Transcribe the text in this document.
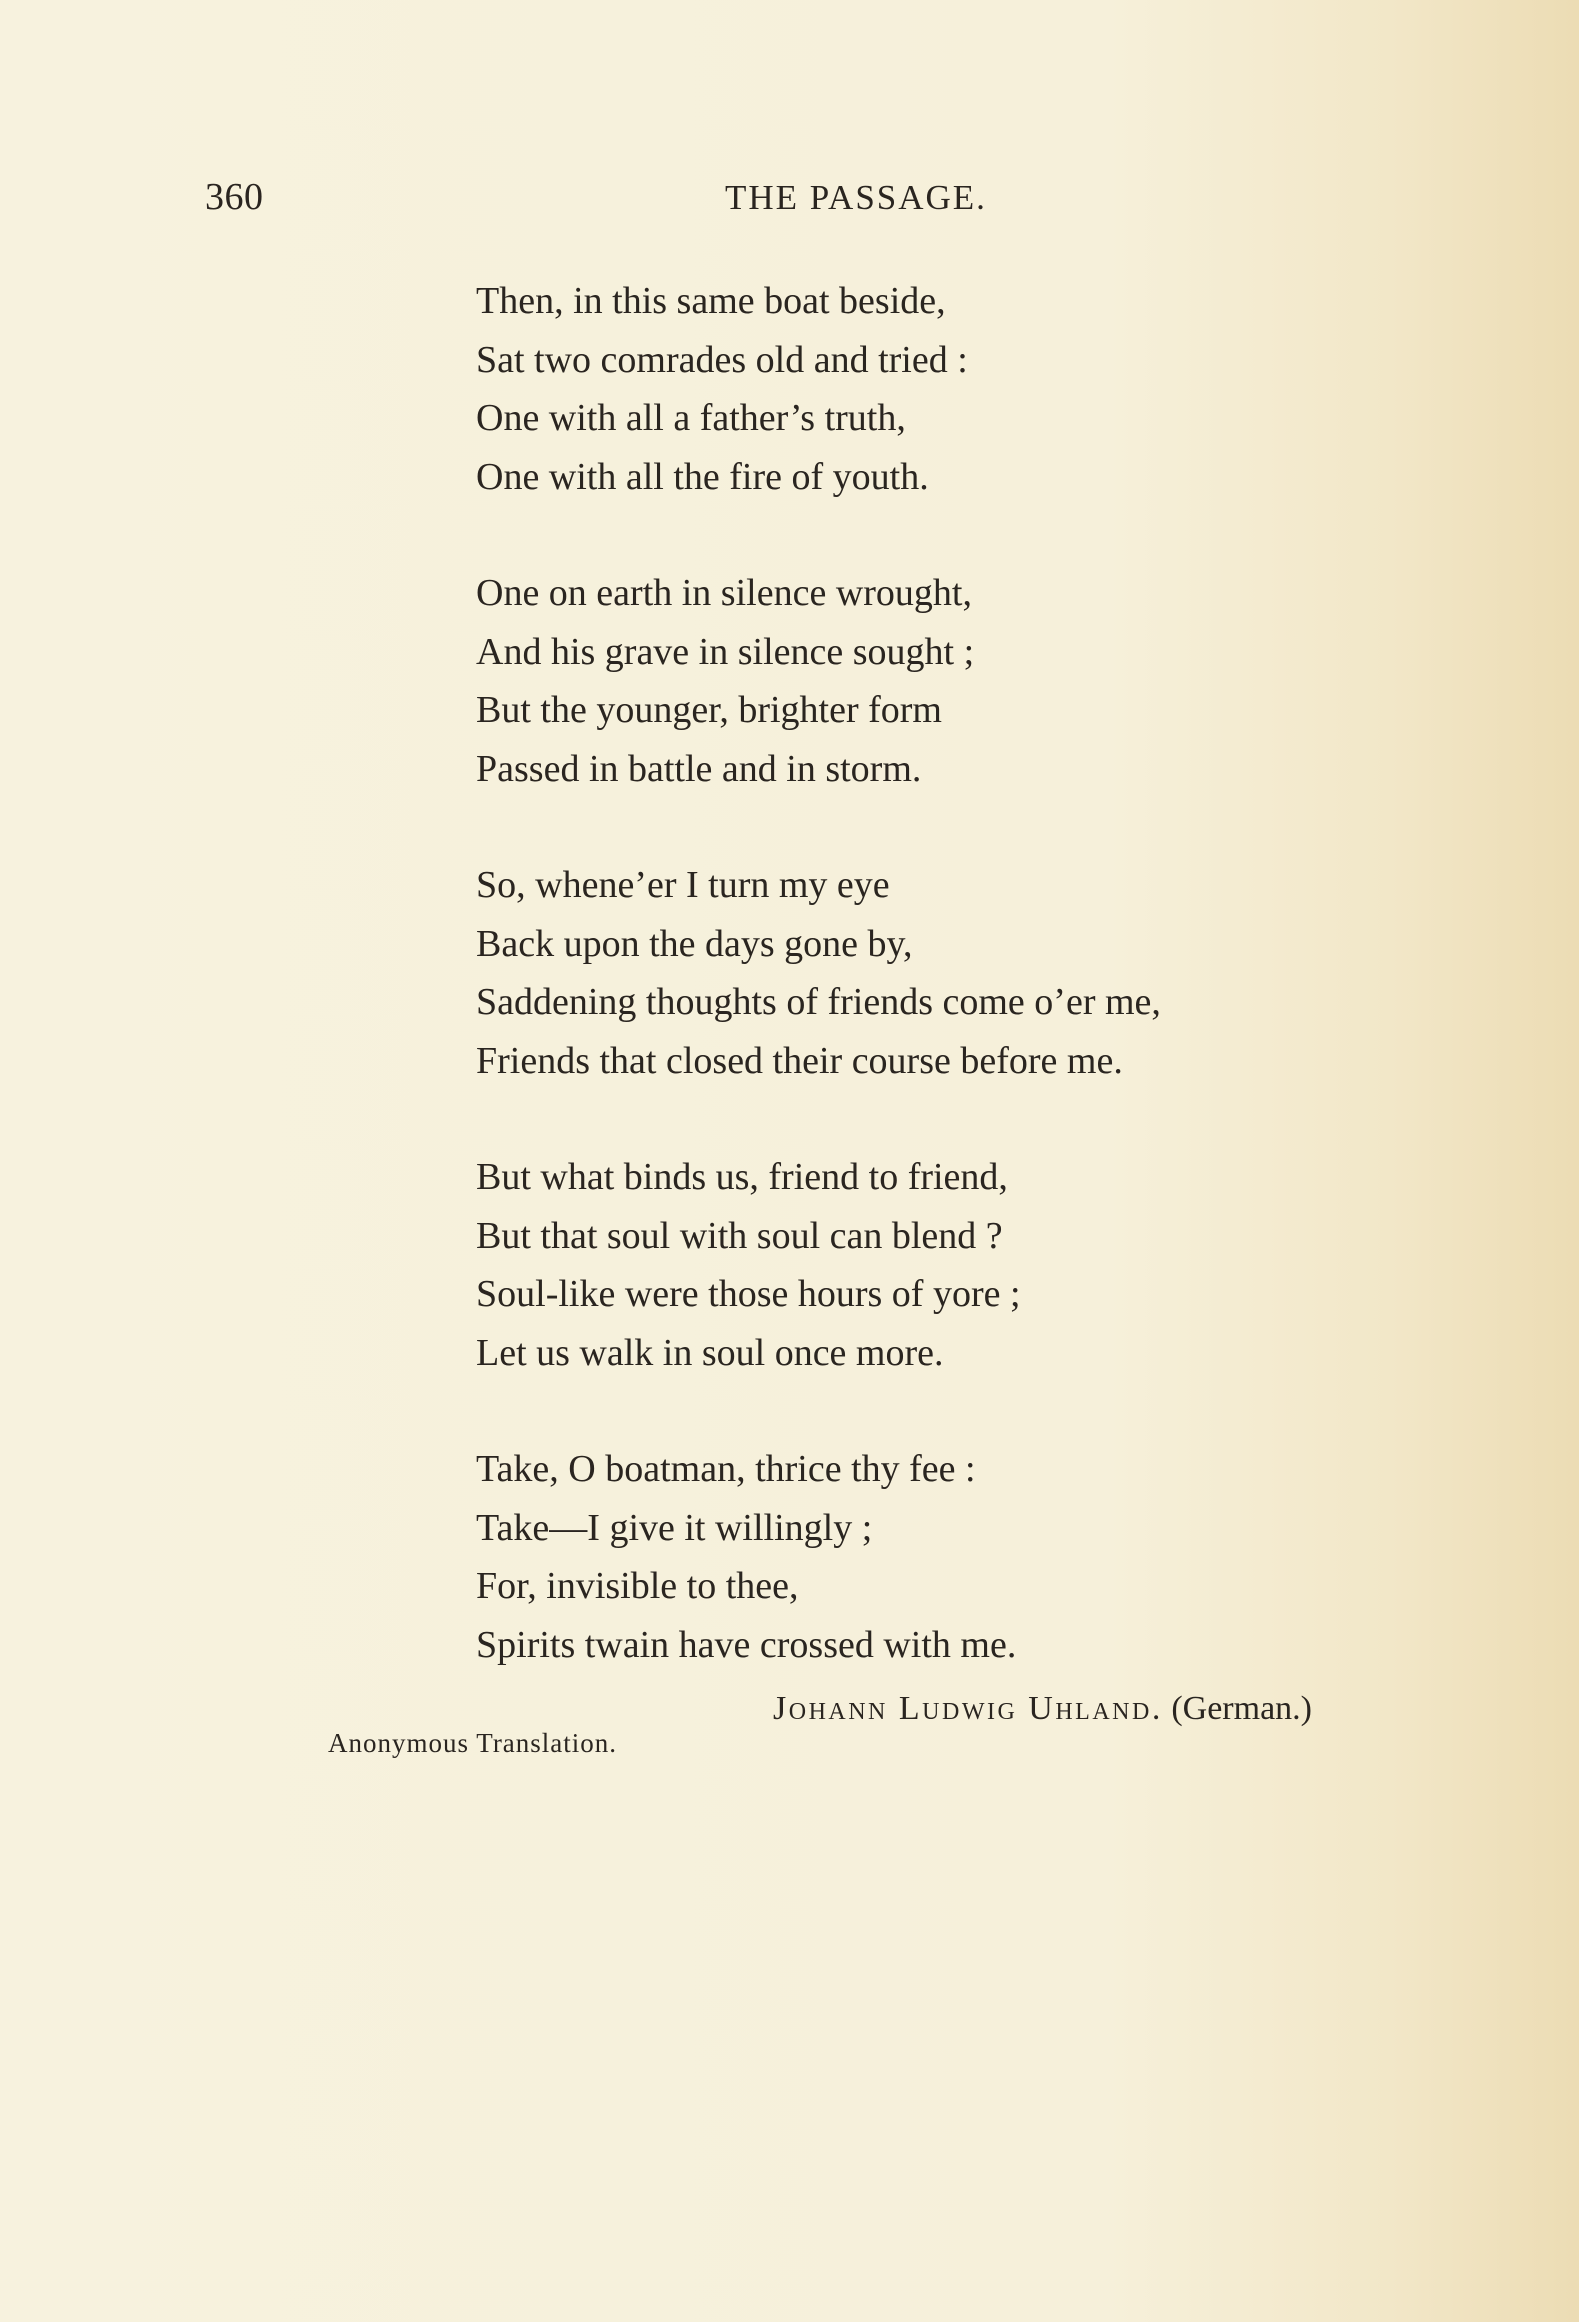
360	THE PASSAGE.
Then, in this same boat beside,
Sat two comrades old and tried :
One with all a father’s truth,
One with all the fire of youth.
One on earth in silence wrought,
And his grave in silence sought ;
But the younger, brighter form
Passed in battle and in storm.
So, whene’er I turn my eye
Back upon the days gone by,
Saddening thoughts of friends come o’er me,
Friends that closed their course before me.
But what binds us, friend to friend,
But that soul with soul can blend ?
Soul-like were those hours of yore ;
Let us walk in soul once more.
Take, O boatman, thrice thy fee :
Take—I give it willingly ;
For, invisible to thee,
Spirits twain have crossed with me.
Johann Ludwig Uhland. (German.)
Anonymous Translation.
